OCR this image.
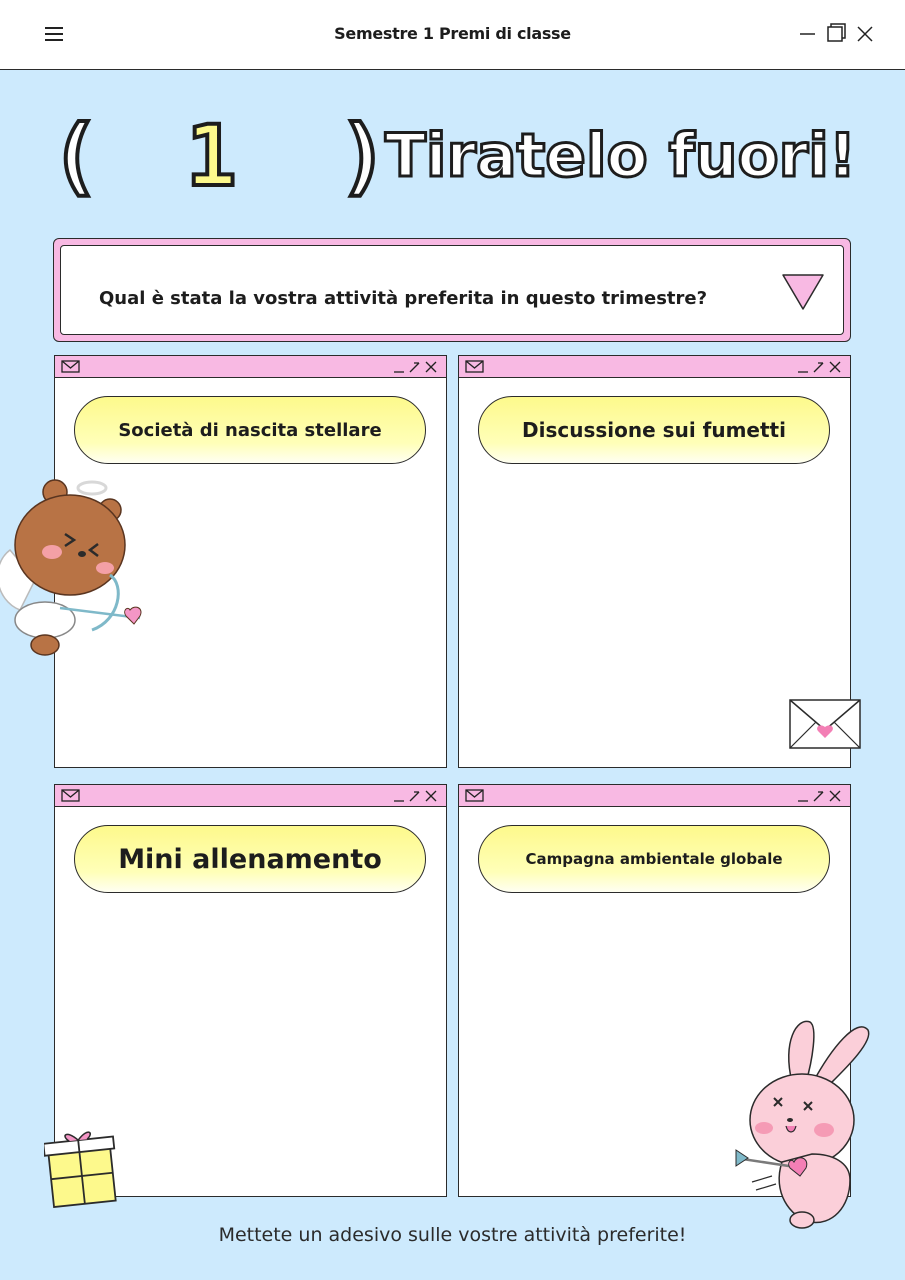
Semestre 1 Premi di classe
( 1 )
Tiratelo fuori!
Qual è stata la vostra attività preferita in questo trimestre?
Società di nascita stellare	Discussione sui fumetti
Mini allenamento	Campagna ambientale globale
Mettete un adesivo sulle vostre attività preferite!
